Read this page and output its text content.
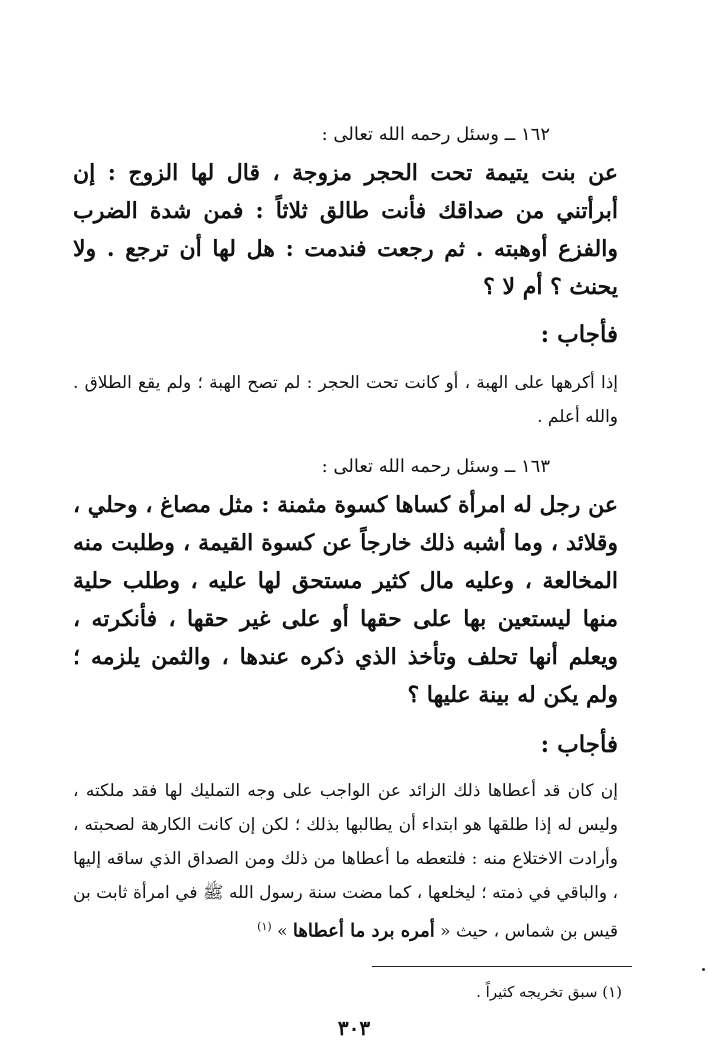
١٦٢ ــ وسئل رحمه الله تعالى :
عن بنت يتيمة تحت الحجر مزوجة ، قال لها الزوج : إن أبرأتني من صداقك فأنت طالق ثلاثاً : فمن شدة الضرب والفزع أوهبته . ثم رجعت فندمت : هل لها أن ترجع . ولا يحنث ؟ أم لا ؟
فأجاب :
إذا أكرهها على الهبة ، أو كانت تحت الحجر : لم تصح الهبة ؛ ولم يقع الطلاق . والله أعلم .
١٦٣ ــ وسئل رحمه الله تعالى :
عن رجل له امرأة كساها كسوة مثمنة : مثل مصاغ ، وحلي ، وقلائد ، وما أشبه ذلك خارجاً عن كسوة القيمة ، وطلبت منه المخالعة ، وعليه مال كثير مستحق لها عليه ، وطلب حلية منها ليستعين بها على حقها أو على غير حقها ، فأنكرته ، ويعلم أنها تحلف وتأخذ الذي ذكره عندها ، والثمن يلزمه ؛ ولم يكن له بينة عليها ؟
فأجاب :
إن كان قد أعطاها ذلك الزائد عن الواجب على وجه التمليك لها فقد ملكته ، وليس له إذا طلقها هو ابتداء أن يطالبها بذلك ؛ لكن إن كانت الكارهة لصحبته ، وأرادت الاختلاع منه : فلتعطه ما أعطاها من ذلك ومن الصداق الذي ساقه إليها ، والباقي في ذمته ؛ ليخلعها ، كما مضت سنة رسول الله ﷺ في امرأة ثابت بن قيس بن شماس ، حيث « أمره برد ما أعطاها » $^{(١)}$
(١) سبق تخريجه كثيراً .
٣٠٣
